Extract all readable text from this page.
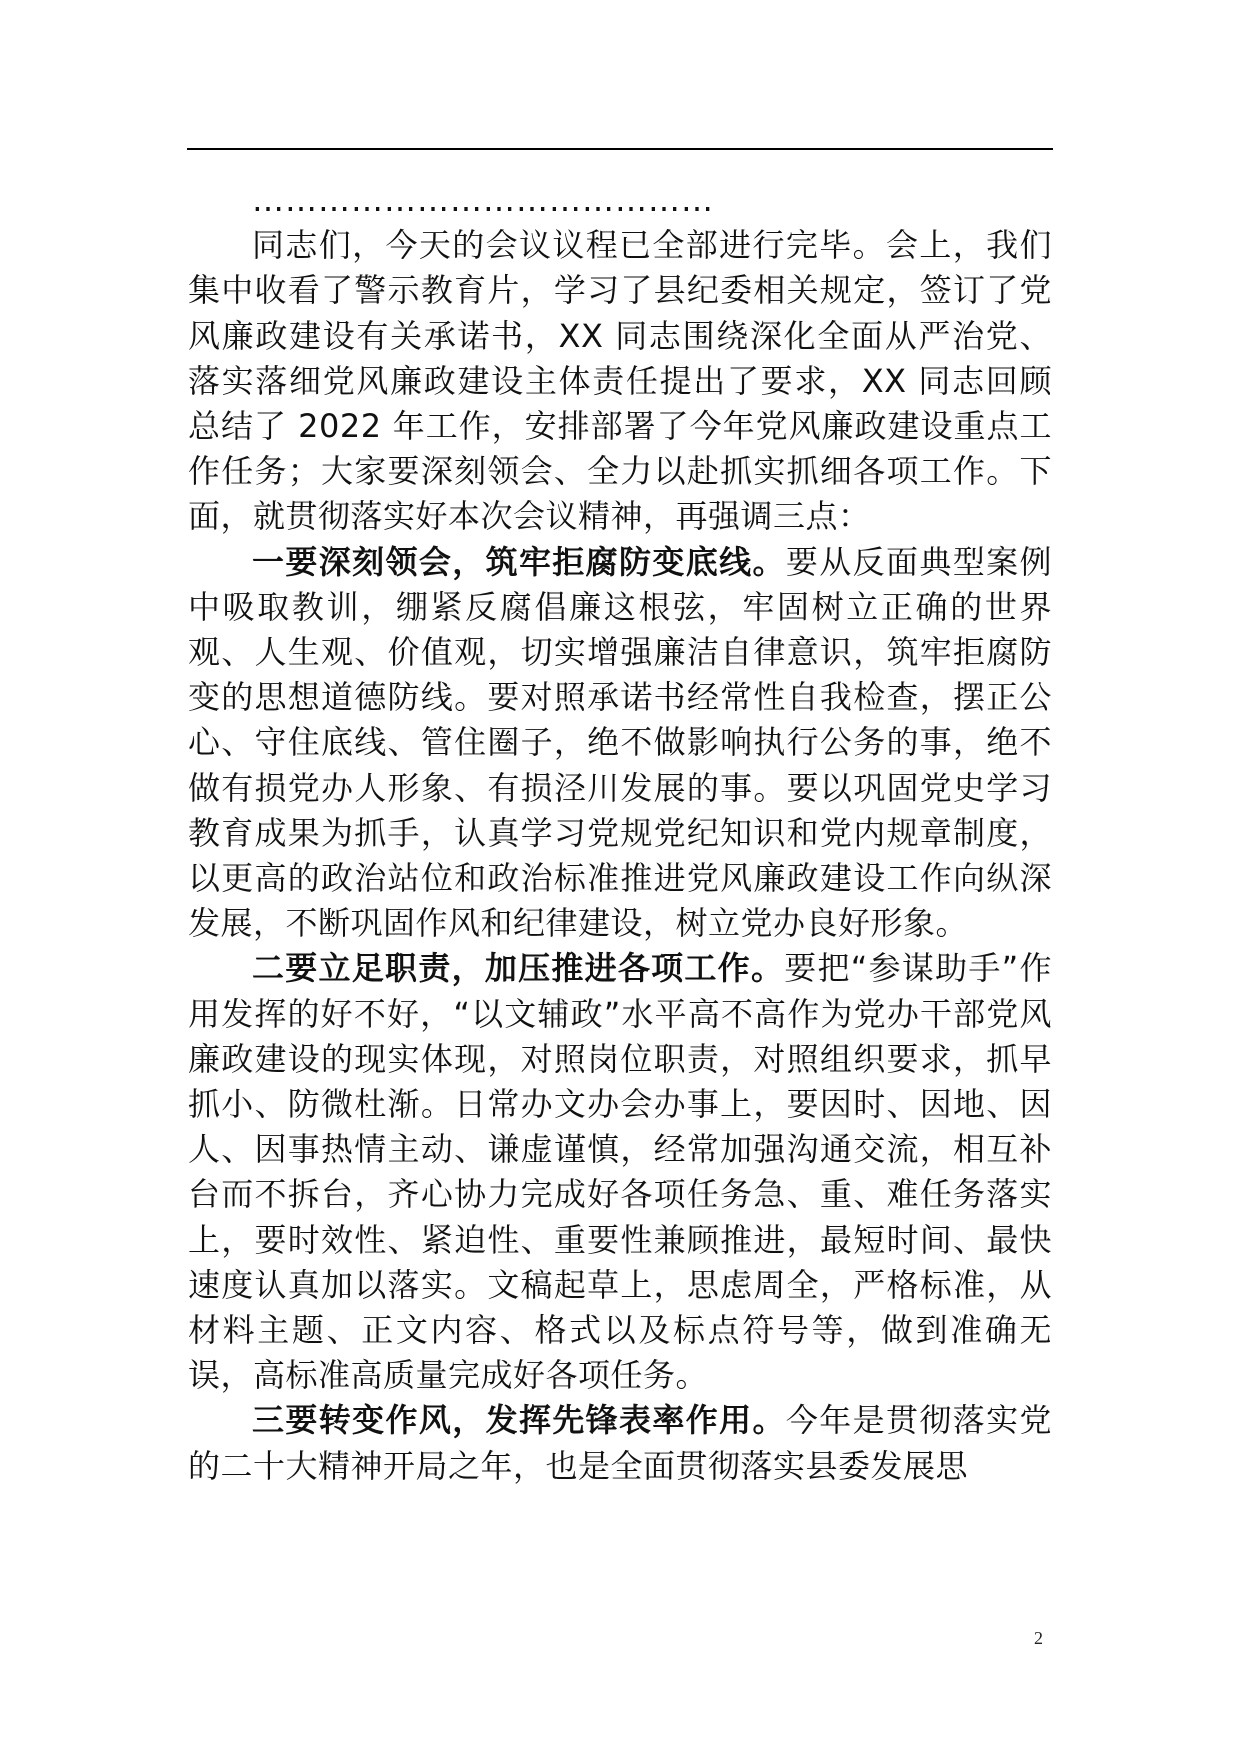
……………………………………

同志们，今天的会议议程已全部进行完毕。会上，我们集中收看了警示教育片，学习了县纪委相关规定，签订了党风廉政建设有关承诺书，XX 同志围绕深化全面从严治党、落实落细党风廉政建设主体责任提出了要求，XX 同志回顾总结了 2022 年工作，安排部署了今年党风廉政建设重点工作任务；大家要深刻领会、全力以赴抓实抓细各项工作。下面，就贯彻落实好本次会议精神，再强调三点：

一要深刻领会，筑牢拒腐防变底线。要从反面典型案例中吸取教训，绷紧反腐倡廉这根弦，牢固树立正确的世界观、人生观、价值观，切实增强廉洁自律意识，筑牢拒腐防变的思想道德防线。要对照承诺书经常性自我检查，摆正公心、守住底线、管住圈子，绝不做影响执行公务的事，绝不做有损党办人形象、有损泾川发展的事。要以巩固党史学习教育成果为抓手，认真学习党规党纪知识和党内规章制度，以更高的政治站位和政治标准推进党风廉政建设工作向纵深发展，不断巩固作风和纪律建设，树立党办良好形象。

二要立足职责，加压推进各项工作。要把“参谋助手”作用发挥的好不好，“以文辅政”水平高不高作为党办干部党风廉政建设的现实体现，对照岗位职责，对照组织要求，抓早抓小、防微杜渐。日常办文办会办事上，要因时、因地、因人、因事热情主动、谦虚谨慎，经常加强沟通交流，相互补台而不拆台，齐心协力完成好各项任务急、重、难任务落实上，要时效性、紧迫性、重要性兼顾推进，最短时间、最快速度认真加以落实。文稿起草上，思虑周全，严格标准，从材料主题、正文内容、格式以及标点符号等，做到准确无误，高标准高质量完成好各项任务。

三要转变作风，发挥先锋表率作用。今年是贯彻落实党的二十大精神开局之年，也是全面贯彻落实县委发展思

2
